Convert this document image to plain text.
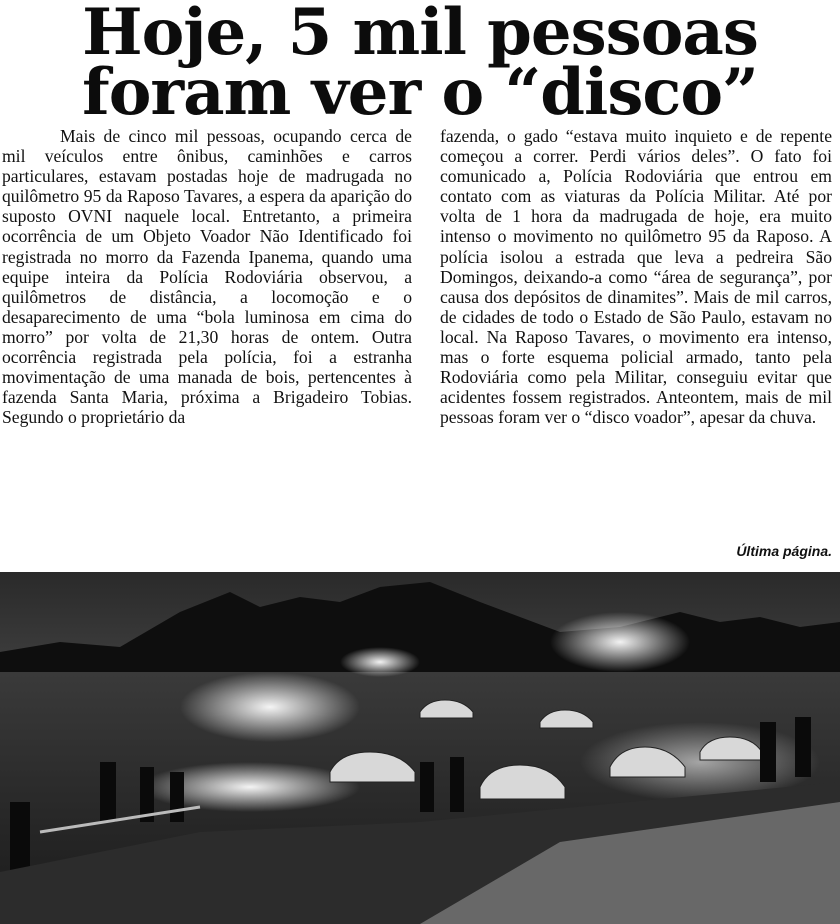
Hoje, 5 mil pessoas
foram ver o “disco”
Mais de cinco mil pessoas, ocupando cerca de mil veículos entre ônibus, caminhões e carros particulares, estavam postadas hoje de madrugada no quilômetro 95 da Raposo Tavares, a espera da aparição do suposto OVNI naquele local. Entretanto, a primeira ocorrência de um Objeto Voador Não Identificado foi registrada no morro da Fazenda Ipanema, quando uma equipe inteira da Polícia Rodoviária observou, a quilômetros de distância, a locomoção e o desaparecimento de uma “bola luminosa em cima do morro” por volta de 21,30 horas de ontem. Outra ocorrência registrada pela polícia, foi a estranha movimentação de uma manada de bois, pertencentes à fazenda Santa Maria, próxima a Brigadeiro Tobias. Segundo o proprietário da
fazenda, o gado “estava muito inquieto e de repente começou a correr. Perdi vários deles”. O fato foi comunicado a, Polícia Rodoviária que entrou em contato com as viaturas da Polícia Militar. Até por volta de 1 hora da madrugada de hoje, era muito intenso o movimento no quilômetro 95 da Raposo. A polícia isolou a estrada que leva a pedreira São Domingos, deixando-a como “área de segurança”, por causa dos depósitos de dinamites”. Mais de mil carros, de cidades de todo o Estado de São Paulo, estavam no local. Na Raposo Tavares, o movimento era intenso, mas o forte esquema policial armado, tanto pela Rodoviária como pela Militar, conseguiu evitar que acidentes fossem registrados. Anteontem, mais de mil pessoas foram ver o “disco voador”, apesar da chuva.
Última página.
